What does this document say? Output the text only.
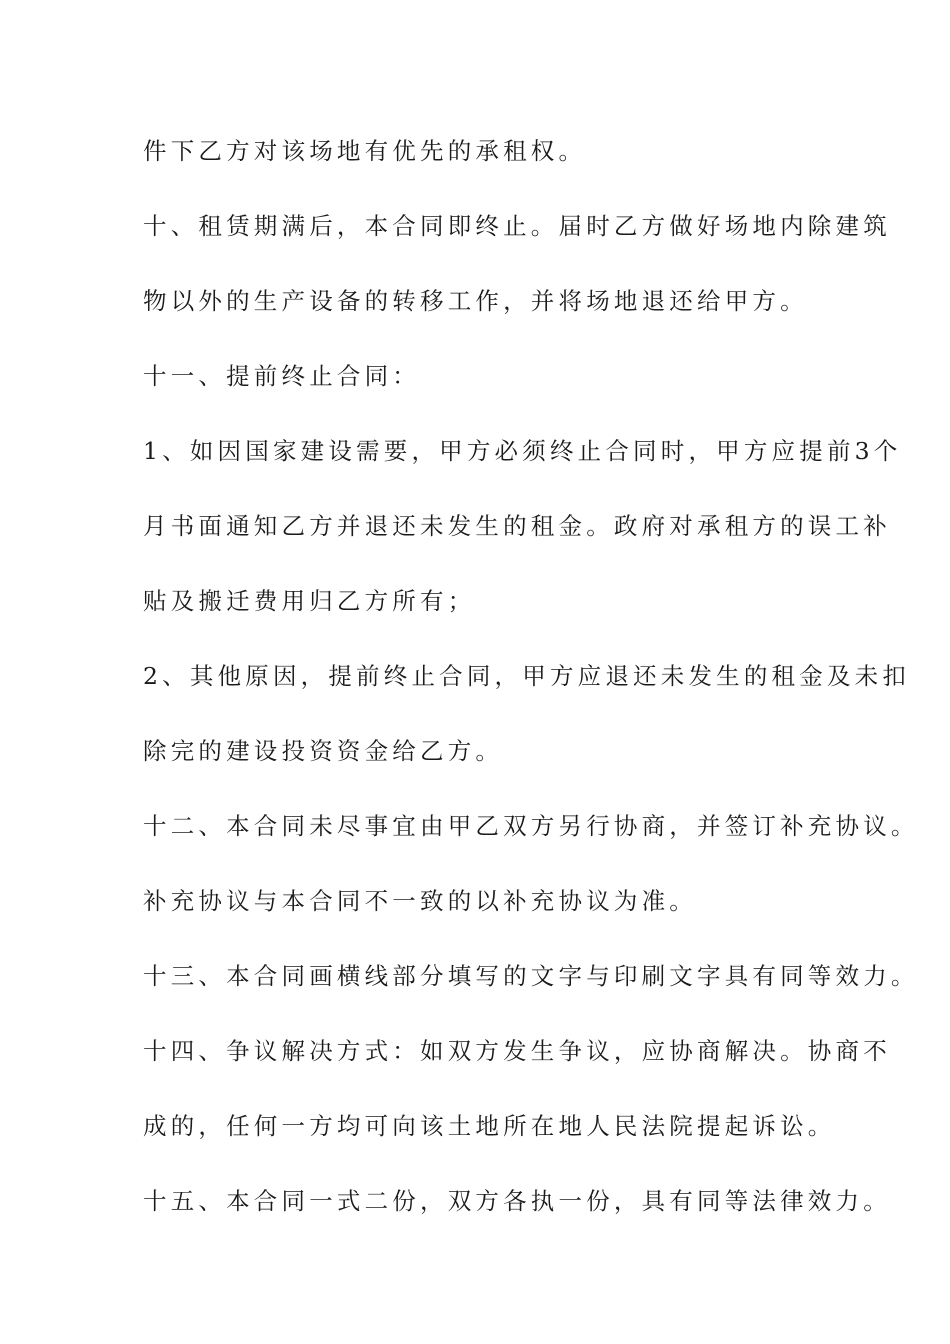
件下乙方对该场地有优先的承租权。
十、租赁期满后，本合同即终止。届时乙方做好场地内除建筑
物以外的生产设备的转移工作，并将场地退还给甲方。
十一、提前终止合同：
1、如因国家建设需要，甲方必须终止合同时，甲方应提前3个
月书面通知乙方并退还未发生的租金。政府对承租方的误工补
贴及搬迁费用归乙方所有；
2、其他原因，提前终止合同，甲方应退还未发生的租金及未扣
除完的建设投资资金给乙方。
十二、本合同未尽事宜由甲乙双方另行协商，并签订补充协议。
补充协议与本合同不一致的以补充协议为准。
十三、本合同画横线部分填写的文字与印刷文字具有同等效力。
十四、争议解决方式：如双方发生争议，应协商解决。协商不
成的，任何一方均可向该土地所在地人民法院提起诉讼。
十五、本合同一式二份，双方各执一份，具有同等法律效力。
